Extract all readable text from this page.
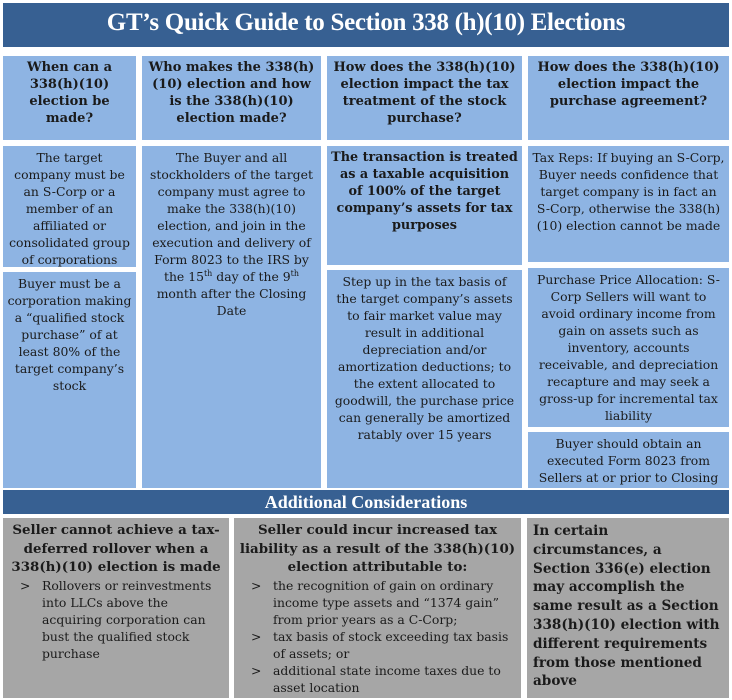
GT’s Quick Guide to Section 338 (h)(10) Elections
When can a 338(h)(10) election be made?
Who makes the 338(h)(10) election and how is the 338(h)(10) election made?
How does the 338(h)(10) election impact the tax treatment of the stock purchase?
How does the 338(h)(10) election impact the purchase agreement?
The target company must be an S-Corp or a member of an affiliated or consolidated group of corporations
Buyer must be a corporation making a “qualified stock purchase” of at least 80% of the target company’s stock
The Buyer and all stockholders of the target company must agree to make the 338(h)(10) election, and join in the execution and delivery of Form 8023 to the IRS by the 15th day of the 9th month after the Closing Date
The transaction is treated as a taxable acquisition of 100% of the target company’s assets for tax purposes
Step up in the tax basis of the target company’s assets to fair market value may result in additional depreciation and/or amortization deductions; to the extent allocated to goodwill, the purchase price can generally be amortized ratably over 15 years
Tax Reps: If buying an S-Corp, Buyer needs confidence that target company is in fact an S-Corp, otherwise the 338(h)(10) election cannot be made
Purchase Price Allocation: S-Corp Sellers will want to avoid ordinary income from gain on assets such as inventory, accounts receivable, and depreciation recapture and may seek a gross-up for incremental tax liability
Buyer should obtain an executed Form 8023 from Sellers at or prior to Closing
Additional Considerations
Seller cannot achieve a tax-deferred rollover when a 338(h)(10) election is made
> Rollovers or reinvestments into LLCs above the acquiring corporation can bust the qualified stock purchase
Seller could incur increased tax liability as a result of the 338(h)(10) election attributable to:
> the recognition of gain on ordinary income type assets and “1374 gain” from prior years as a C-Corp;
> tax basis of stock exceeding tax basis of assets; or
> additional state income taxes due to asset location
In certain circumstances, a Section 336(e) election may accomplish the same result as a Section 338(h)(10) election with different requirements from those mentioned above
